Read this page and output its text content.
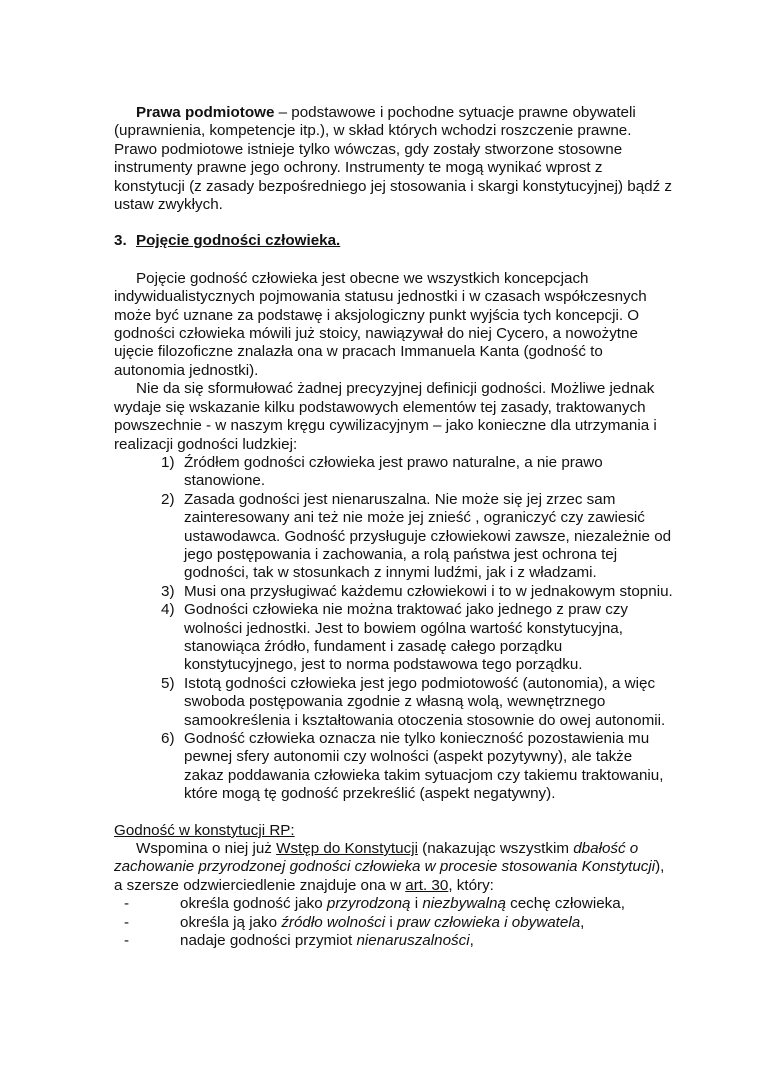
Prawa podmiotowe – podstawowe i pochodne sytuacje prawne obywateli (uprawnienia, kompetencje itp.), w skład których wchodzi roszczenie prawne. Prawo podmiotowe istnieje tylko wówczas, gdy zostały stworzone stosowne instrumenty prawne jego ochrony. Instrumenty te mogą wynikać wprost z konstytucji (z zasady bezpośredniego jej stosowania i skargi konstytucyjnej) bądź z ustaw zwykłych.

3. Pojęcie godności człowieka.

Pojęcie godność człowieka jest obecne we wszystkich koncepcjach indywidualistycznych pojmowania statusu jednostki i w czasach współczesnych może być uznane za podstawę i aksjologiczny punkt wyjścia tych koncepcji. O godności człowieka mówili już stoicy, nawiązywał do niej Cycero, a nowożytne ujęcie filozoficzne znalazła ona w pracach Immanuela Kanta (godność to autonomia jednostki).

Nie da się sformułować żadnej precyzyjnej definicji godności. Możliwe jednak wydaje się wskazanie kilku podstawowych elementów tej zasady, traktowanych powszechnie - w naszym kręgu cywilizacyjnym – jako konieczne dla utrzymania i realizacji godności ludzkiej:

1) Źródłem godności człowieka jest prawo naturalne, a nie prawo stanowione.
2) Zasada godności jest nienaruszalna. Nie może się jej zrzec sam zainteresowany ani też nie może jej znieść , ograniczyć czy zawiesić ustawodawca. Godność przysługuje człowiekowi zawsze, niezależnie od jego postępowania i zachowania, a rolą państwa jest ochrona tej godności, tak w stosunkach z innymi ludźmi, jak i z władzami.
3) Musi ona przysługiwać każdemu człowiekowi i to w jednakowym stopniu.
4) Godności człowieka nie można traktować jako jednego z praw czy wolności jednostki. Jest to bowiem ogólna wartość konstytucyjna, stanowiąca źródło, fundament i zasadę całego porządku konstytucyjnego, jest to norma podstawowa tego porządku.
5) Istotą godności człowieka jest jego podmiotowość (autonomia), a więc swoboda postępowania zgodnie z własną wolą, wewnętrznego samookreślenia i kształtowania otoczenia stosownie do owej autonomii.
6) Godność człowieka oznacza nie tylko konieczność pozostawienia mu pewnej sfery autonomii czy wolności (aspekt pozytywny), ale także zakaz poddawania człowieka takim sytuacjom czy takiemu traktowaniu, które mogą tę godność przekreślić (aspekt negatywny).

Godność w konstytucji RP:

Wspomina o niej już Wstęp do Konstytucji (nakazując wszystkim dbałość o zachowanie przyrodzonej godności człowieka w procesie stosowania Konstytucji), a szersze odzwierciedlenie znajduje ona w art. 30, który:

-	określa godność jako przyrodzoną i niezbywalną cechę człowieka,
-	określa ją jako źródło wolności i praw człowieka i obywatela,
-	nadaje godności przymiot nienaruszalności,
